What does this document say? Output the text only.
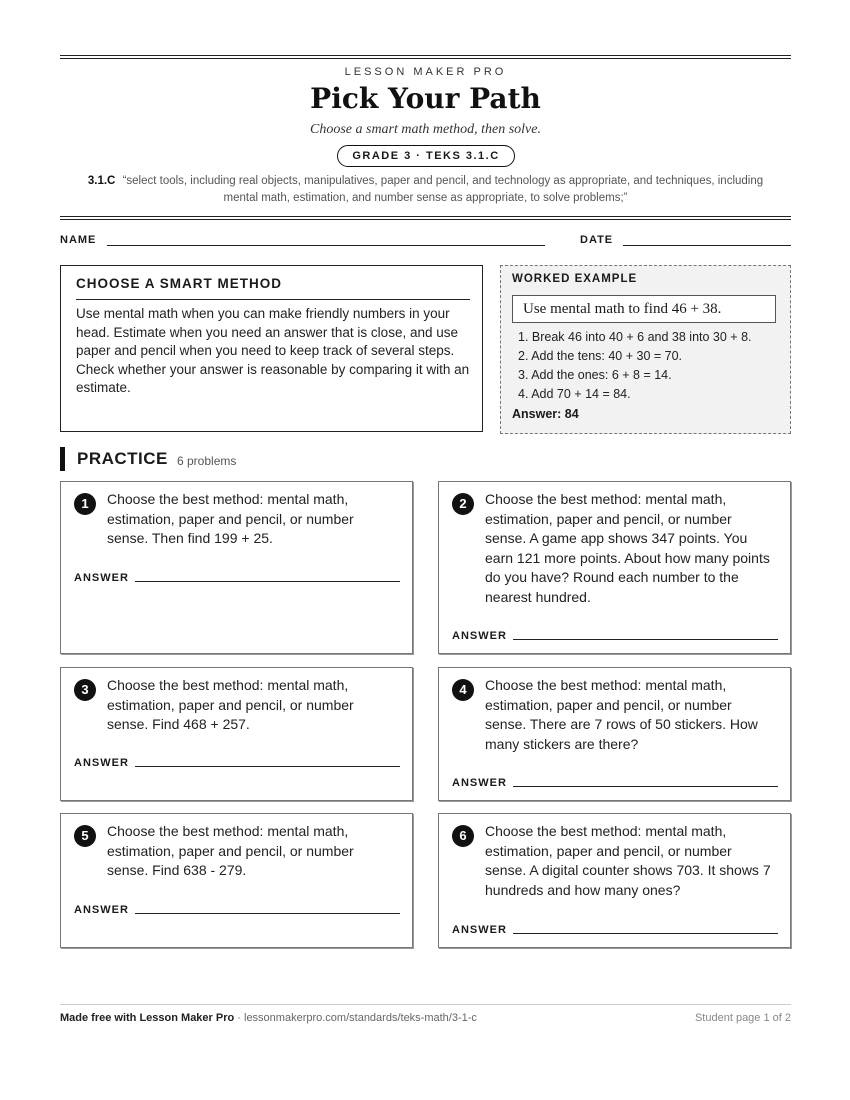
LESSON MAKER PRO
Pick Your Path
Choose a smart math method, then solve.
GRADE 3 · TEKS 3.1.C
3.1.C “select tools, including real objects, manipulatives, paper and pencil, and technology as appropriate, and techniques, including
mental math, estimation, and number sense as appropriate, to solve problems;”
NAME	DATE
CHOOSE A SMART METHOD
Use mental math when you can make friendly numbers in your head. Estimate when you need an answer that is close, and use paper and pencil when you need to keep track of several steps. Check whether your answer is reasonable by comparing it with an estimate.
WORKED EXAMPLE
Use mental math to find 46 + 38.
1. Break 46 into 40 + 6 and 38 into 30 + 8.
2. Add the tens: 40 + 30 = 70.
3. Add the ones: 6 + 8 = 14.
4. Add 70 + 14 = 84.
Answer: 84
PRACTICE 6 problems
1	Choose the best method: mental math, estimation, paper and pencil, or number sense. Then find 199 + 25.
ANSWER
2	Choose the best method: mental math, estimation, paper and pencil, or number sense. A game app shows 347 points. You earn 121 more points. About how many points do you have? Round each number to the nearest hundred.
ANSWER
3	Choose the best method: mental math, estimation, paper and pencil, or number sense. Find 468 + 257.
ANSWER
4	Choose the best method: mental math, estimation, paper and pencil, or number sense. There are 7 rows of 50 stickers. How many stickers are there?
ANSWER
5	Choose the best method: mental math, estimation, paper and pencil, or number sense. Find 638 - 279.
ANSWER
6	Choose the best method: mental math, estimation, paper and pencil, or number sense. A digital counter shows 703. It shows 7 hundreds and how many ones?
ANSWER
Made free with Lesson Maker Pro · lessonmakerpro.com/standards/teks-math/3-1-c	Student page 1 of 2
